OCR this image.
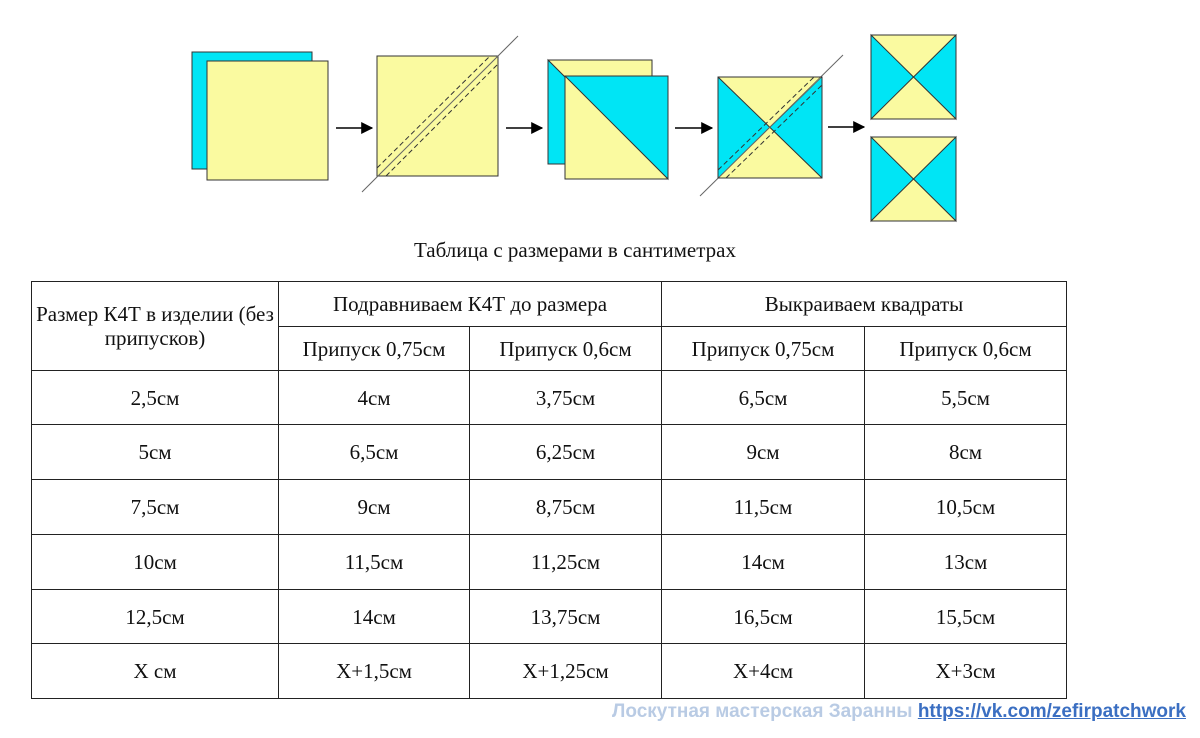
Таблица с размерами в сантиметрах
Размер К4Т в изделии (без припусков)	Подравниваем К4Т до размера		Выкраиваем квадраты	
	Припуск 0,75см	Припуск 0,6см	Припуск 0,75см	Припуск 0,6см
2,5см	4см	3,75см	6,5см	5,5см
5см	6,5см	6,25см	9см	8см
7,5см	9см	8,75см	11,5см	10,5см
10см	11,5см	11,25см	14см	13см
12,5см	14см	13,75см	16,5см	15,5см
Х см	Х+1,5см	Х+1,25см	Х+4см	Х+3см
Лоскутная мастерская Заранны https://vk.com/zefirpatchwork
